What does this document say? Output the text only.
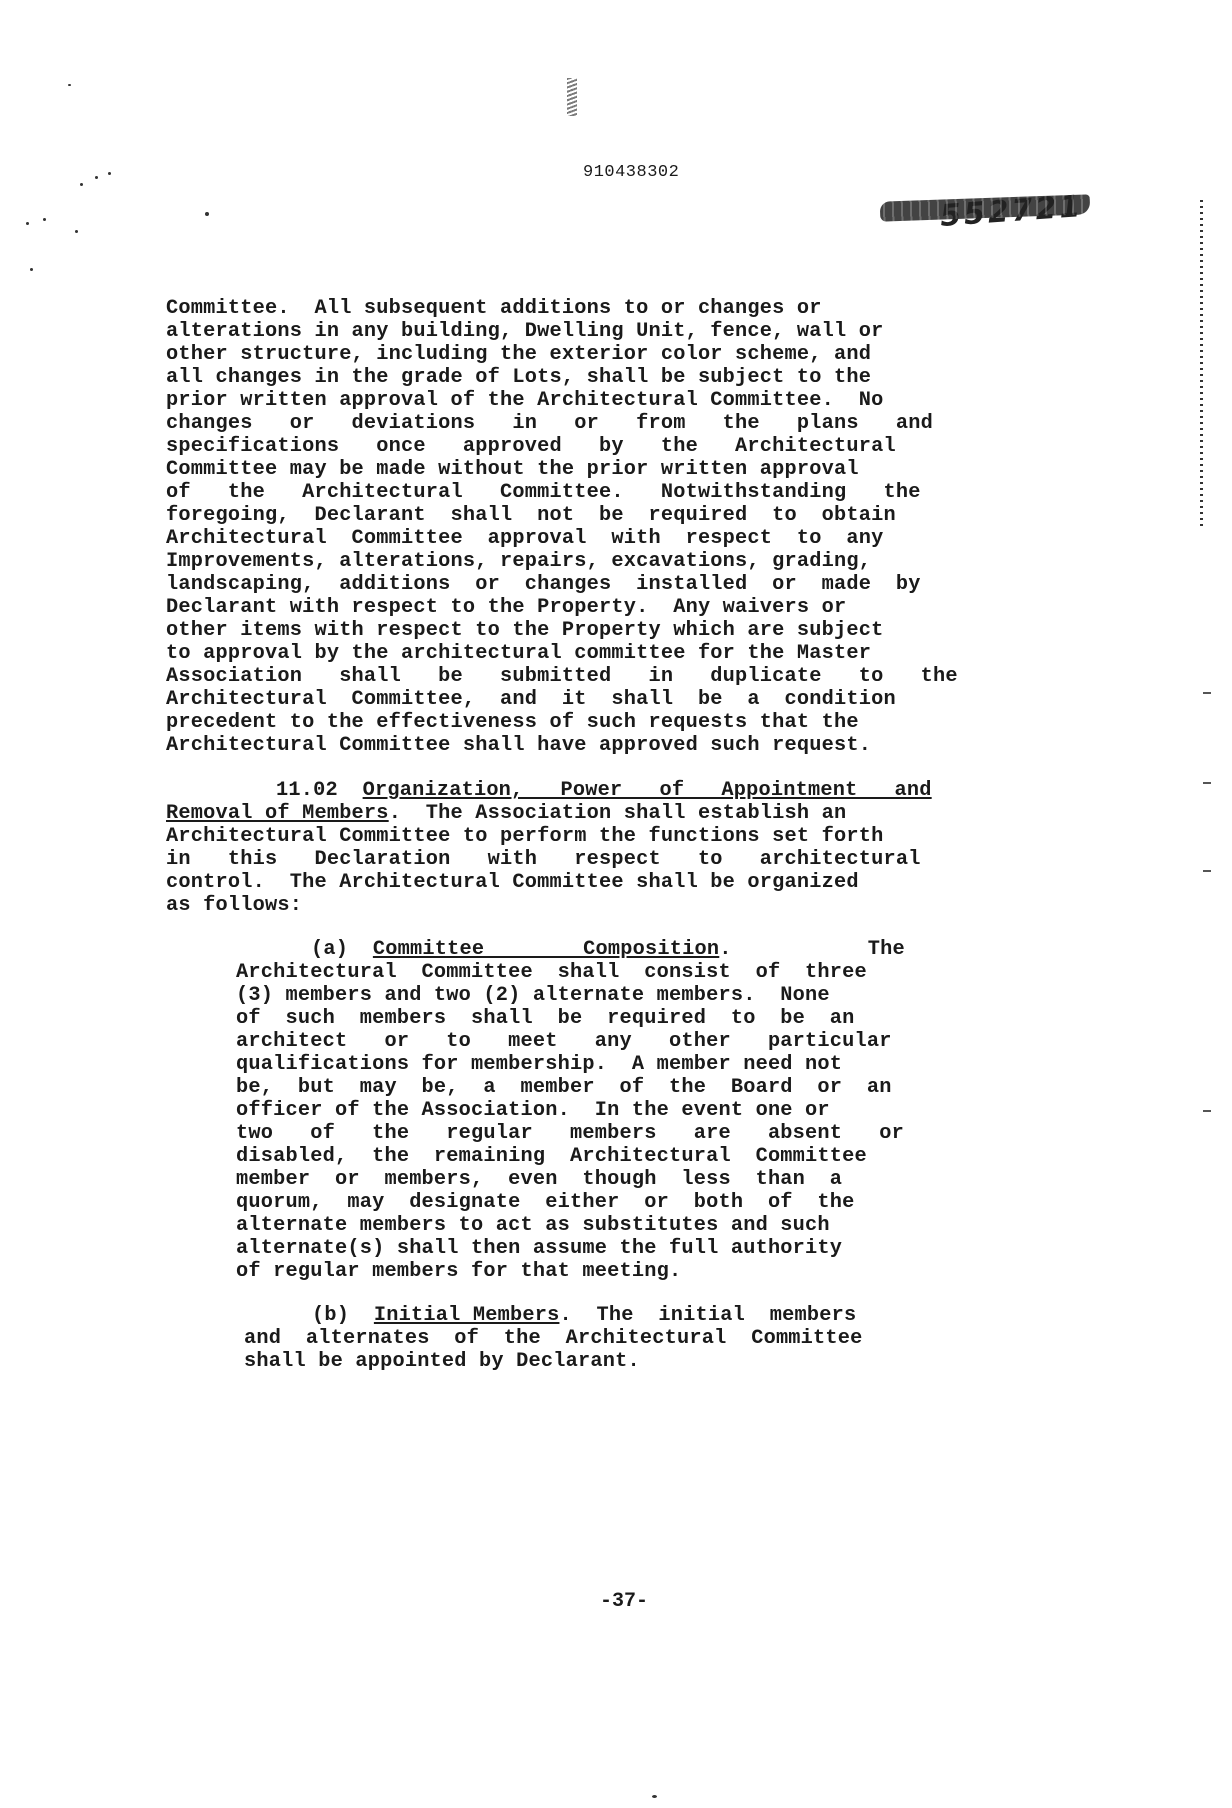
910438302
Committee.  All subsequent additions to or changes or
alterations in any building, Dwelling Unit, fence, wall or
other structure, including the exterior color scheme, and
all changes in the grade of Lots, shall be subject to the
prior written approval of the Architectural Committee.  No
changes   or   deviations   in   or   from   the   plans   and
specifications   once   approved   by   the   Architectural
Committee may be made without the prior written approval
of   the   Architectural   Committee.   Notwithstanding   the
foregoing,  Declarant  shall  not  be  required  to  obtain
Architectural  Committee  approval  with  respect  to  any
Improvements, alterations, repairs, excavations, grading,
landscaping,  additions  or  changes  installed  or  made  by
Declarant with respect to the Property.  Any waivers or
other items with respect to the Property which are subject
to approval by the architectural committee for the Master
Association   shall   be   submitted   in   duplicate   to   the
Architectural  Committee,  and  it  shall  be  a  condition
precedent to the effectiveness of such requests that the
Architectural Committee shall have approved such request.
11.02 Organization,   Power   of   Appointment   and
Removal of Members.  The Association shall establish an
Architectural Committee to perform the functions set forth
in   this   Declaration   with   respect   to   architectural
control.  The Architectural Committee shall be organized
as follows:
(a) Committee        Composition.           The
Architectural  Committee  shall  consist  of  three
(3) members and two (2) alternate members.  None
of  such  members  shall  be  required  to  be  an
architect   or   to   meet   any   other   particular
qualifications for membership.  A member need not
be,  but  may  be,  a  member  of  the  Board  or  an
officer of the Association.  In the event one or
two   of   the   regular   members   are   absent   or
disabled,  the  remaining  Architectural  Committee
member  or  members,  even  though  less  than  a
quorum,  may  designate  either  or  both  of  the
alternate members to act as substitutes and such
alternate(s) shall then assume the full authority
of regular members for that meeting.
(b) Initial Members.  The  initial  members
and  alternates  of  the  Architectural  Committee
shall be appointed by Declarant.
-37-
